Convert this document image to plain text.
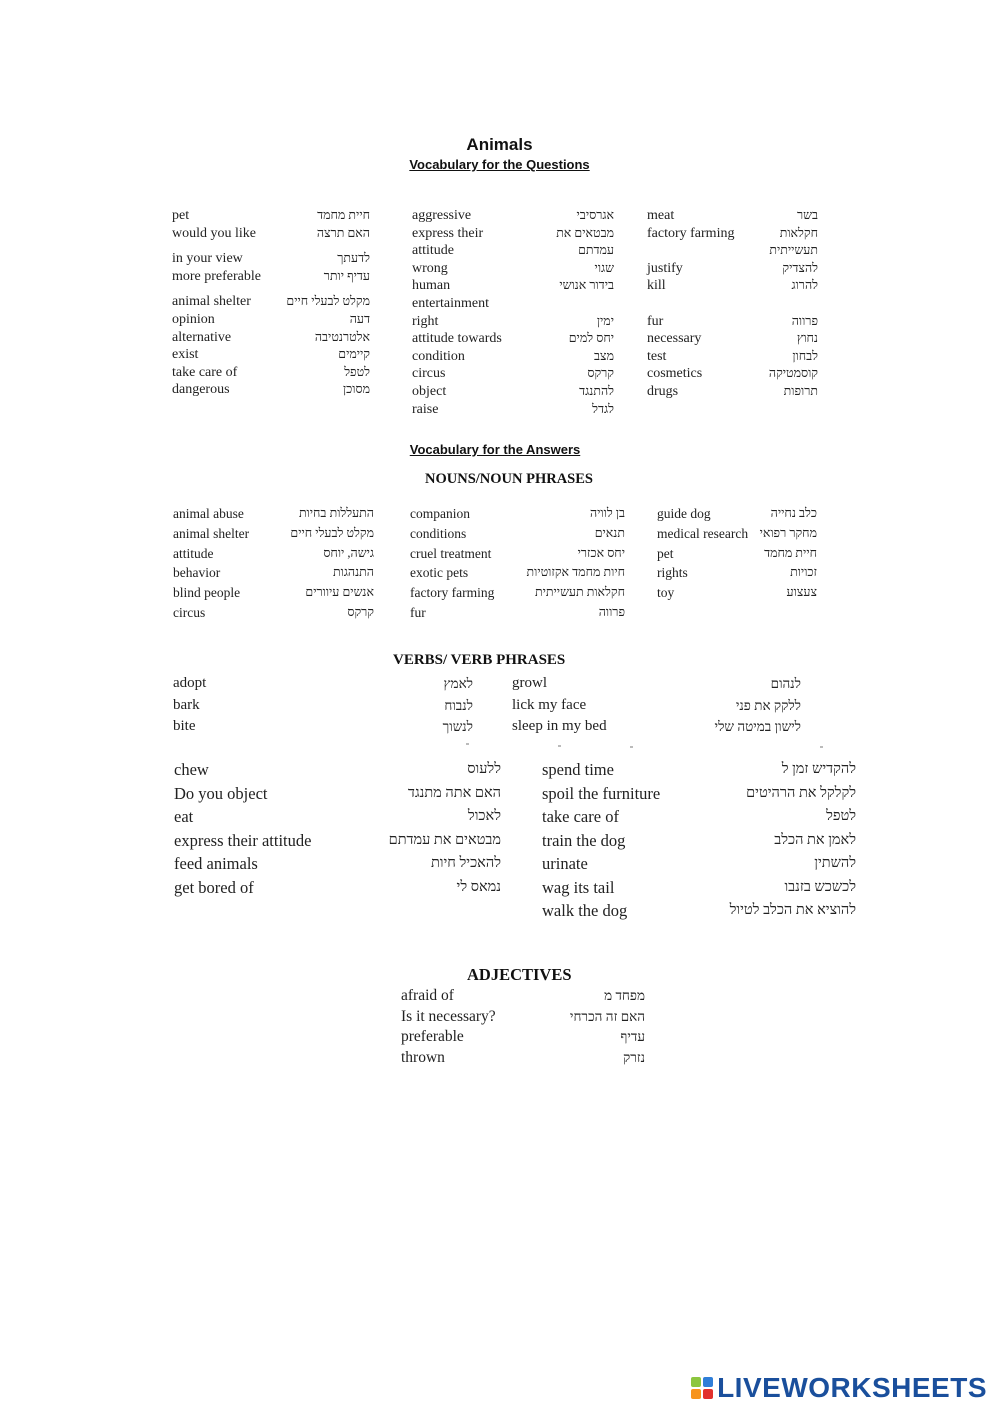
Animals
Vocabulary for the Questions
pet	חיית מחמד
would you like	האם תרצה
in your view	לדעתך
more preferable	עדיף יותר
animal shelter	מקלט לבעלי חיים
opinion	דעה
alternative	אלטרנטיבה
exist	קיימים
take care of	לטפל
dangerous	מסוכן
aggressive	אגרסיבי
express their	מבטאים את
attitude	עמדתם
wrong	שגוי
human	בידור אנושי
entertainment
right	ימין
attitude towards	יחס למים
condition	מצב
circus	קרקס
object	להתנגד
raise	לגדל
meat	בשר
factory farming	חקלאות
תעשייתית
justify	להצדיק
kill	להרוג
fur	פרווה
necessary	נחוץ
test	לבחון
cosmetics	קוסמטיקה
drugs	תרופות
Vocabulary for the Answers
NOUNS/NOUN PHRASES
animal abuse	התעללות בחיות
animal shelter	מקלט לבעלי חיים
attitude	גישה, יוחס
behavior	התנהגות
blind people	אנשים עיוורים
circus	קרקס
companion	בן לוויה
conditions	תנאים
cruel treatment	יחס אכזרי
exotic pets	חיות מחמד אקזוטיות
factory farming	חקלאות תעשייתית
fur	פרווה
guide dog	כלב נחייה
medical research מחקר רפואי
pet	חיית מחמד
rights	זכויות
toy	צעצוע
VERBS/ VERB PHRASES
adopt	לאמץ
bark	לנבוח
bite	לנשוך
growl	לנהום
lick my face	ללקק את פני
sleep in my bed	לישון במיטה שלי
chew	ללעוס
Do you object	האם אתה מתנגד
eat	לאכול
express their attitude	מבטאים את עמדתם
feed animals	להאכיל חיות
get bored of	נמאס לי
spend time	להקדיש זמן ל
spoil the furniture	לקלקל את הרהיטים
take care of	לטפל
train the dog	לאמן את הכלב
urinate	להשתין
wag its tail	לכשכש בזנבו
walk the dog	להוציא את הכלב לטיול
ADJECTIVES
afraid of	מפחד מ
Is it necessary?	האם זה הכרחי
preferable	עדיף
thrown	נזרק
LIVEWORKSHEETS
